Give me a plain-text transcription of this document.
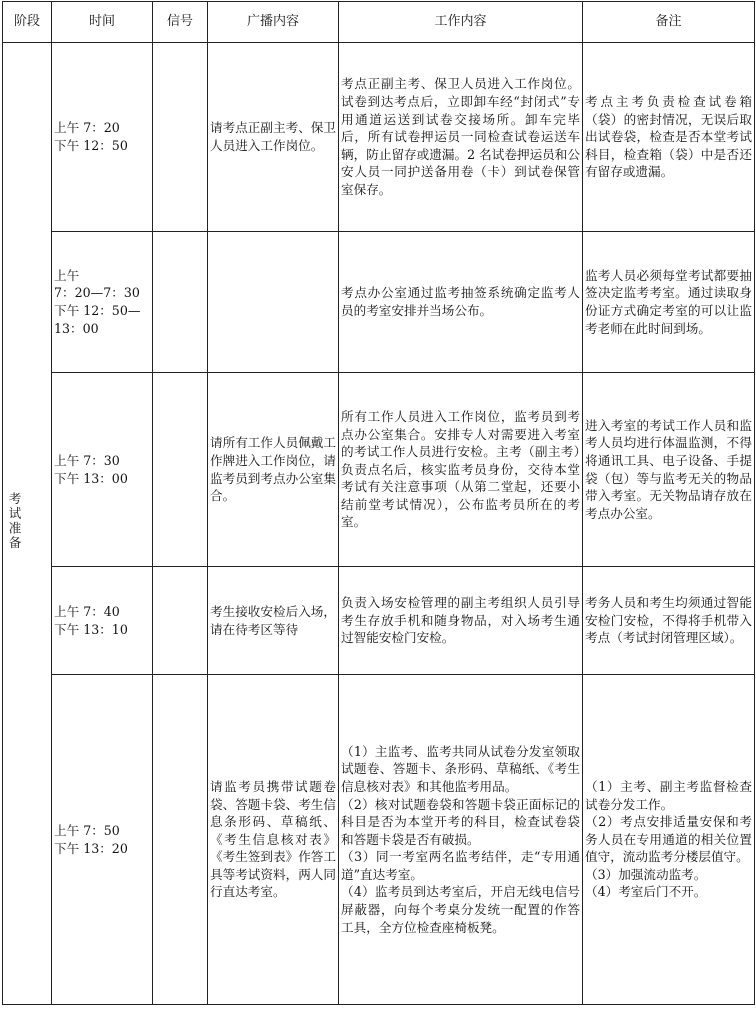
阶段	时间	信号	广播内容	工作内容	备注
考试准备	上午 7：20
下午 12：50		请考点正副主考、保卫人员进入工作岗位。	考点正副主考、保卫人员进入工作岗位。试卷到达考点后，立即卸车经“封闭式”专用通道运送到试卷交接场所。卸车完毕后，所有试卷押运员一同检查试卷运送车辆，防止留存或遗漏。2 名试卷押运员和公安人员一同护送备用卷（卡）到试卷保管室保存。	考点主考负责检查试卷箱（袋）的密封情况，无误后取出试卷袋，检查是否本堂考试科目，检查箱（袋）中是否还有留存或遗漏。

	上午
7：20—7：30
下午 12：50—
13：00			考点办公室通过监考抽签系统确定监考人员的考室安排并当场公布。	监考人员必须每堂考试都要抽签决定监考考室。通过读取身份证方式确定考室的可以让监考老师在此时间到场。

	上午 7：30
下午 13：00		请所有工作人员佩戴工作牌进入工作岗位，请监考员到考点办公室集合。	所有工作人员进入工作岗位，监考员到考点办公室集合。安排专人对需要进入考室的考试工作人员进行安检。主考（副主考）负责点名后，核实监考员身份，交待本堂考试有关注意事项（从第二堂起，还要小结前堂考试情况），公布监考员所在的考室。	进入考室的考试工作人员和监考人员均进行体温监测，不得将通讯工具、电子设备、手提袋（包）等与监考无关的物品带入考室。无关物品请存放在考点办公室。

	上午 7：40
下午 13：10		考生接收安检后入场，请在待考区等待	负责入场安检管理的副主考组织人员引导考生存放手机和随身物品，对入场考生通过智能安检门安检。	考务人员和考生均须通过智能安检门安检，不得将手机带入考点（考试封闭管理区域）。

	上午 7：50
下午 13：20		请监考员携带试题卷袋、答题卡袋、考生信息条形码、草稿纸、《考生信息核对表》《考生签到表》作答工具等考试资料，两人同行直达考室。	（1）主监考、监考共同从试卷分发室领取试题卷、答题卡、条形码、草稿纸、《考生信息核对表》和其他监考用品。
（2）核对试题卷袋和答题卡袋正面标记的科目是否为本堂开考的科目，检查试卷袋和答题卡袋是否有破损。
（3）同一考室两名监考结伴，走“专用通道”直达考室。
（4）监考员到达考室后，开启无线电信号屏蔽器，向每个考桌分发统一配置的作答工具，全方位检查座椅板凳。	（1）主考、副主考监督检查试卷分发工作。
（2）考点安排适量安保和考务人员在专用通道的相关位置值守，流动监考分楼层值守。
（3）加强流动监考。
（4）考室后门不开。
